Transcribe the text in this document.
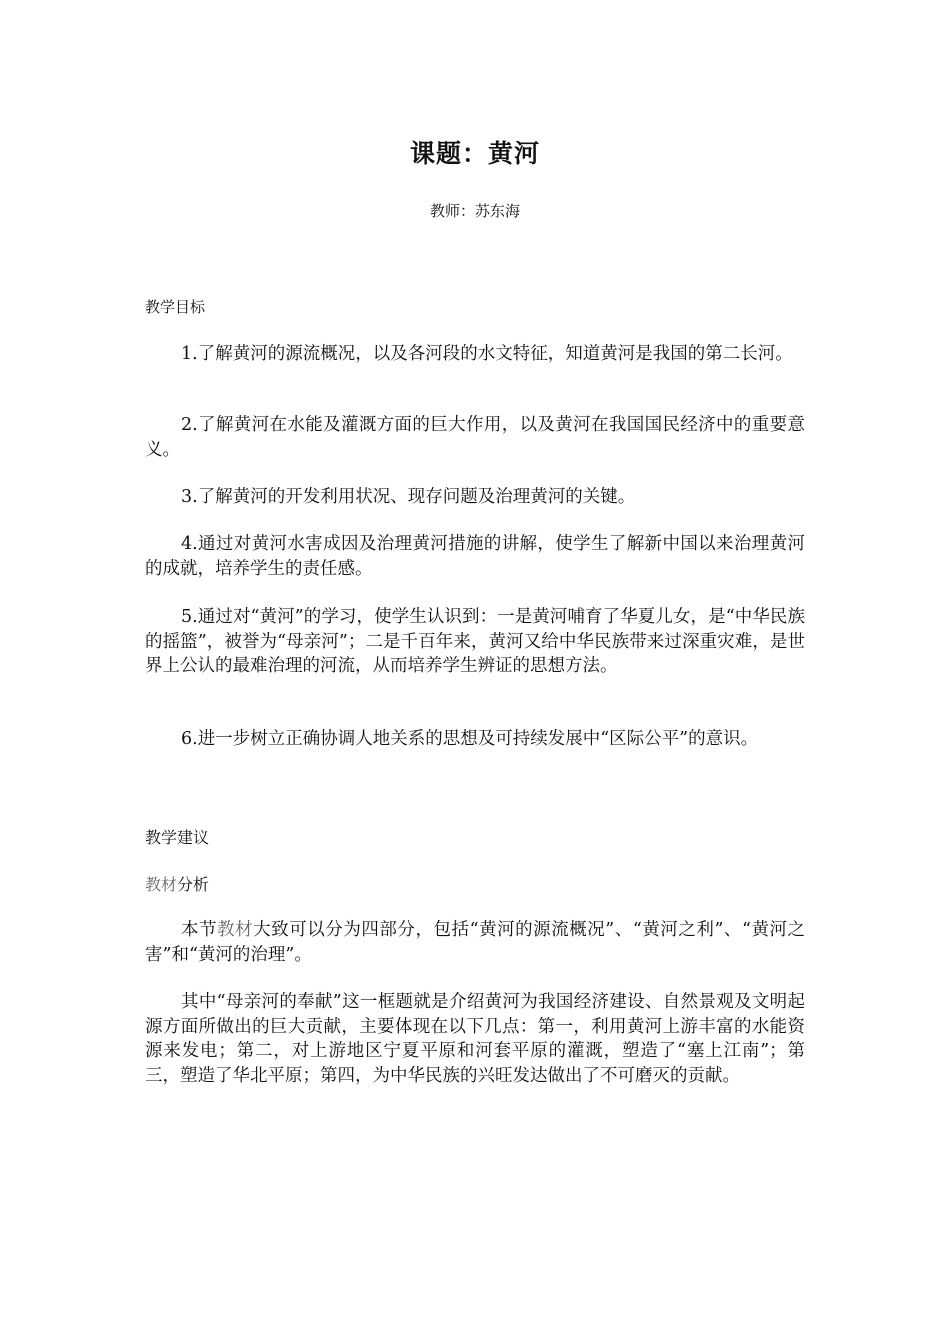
课题：黄河
教师：苏东海
教学目标
1.了解黄河的源流概况，以及各河段的水文特征，知道黄河是我国的第二长河。
2.了解黄河在水能及灌溉方面的巨大作用，以及黄河在我国国民经济中的重要意义。
3.了解黄河的开发利用状况、现存问题及治理黄河的关键。
4.通过对黄河水害成因及治理黄河措施的讲解，使学生了解新中国以来治理黄河的成就，培养学生的责任感。
5.通过对“黄河”的学习，使学生认识到：一是黄河哺育了华夏儿女，是“中华民族的摇篮”，被誉为“母亲河”；二是千百年来，黄河又给中华民族带来过深重灾难，是世界上公认的最难治理的河流，从而培养学生辨证的思想方法。
6.进一步树立正确协调人地关系的思想及可持续发展中“区际公平”的意识。
教学建议
教材分析
本节教材大致可以分为四部分，包括“黄河的源流概况”、“黄河之利”、“黄河之害”和“黄河的治理”。
其中“母亲河的奉献”这一框题就是介绍黄河为我国经济建设、自然景观及文明起源方面所做出的巨大贡献，主要体现在以下几点：第一，利用黄河上游丰富的水能资源来发电；第二，对上游地区宁夏平原和河套平原的灌溉，塑造了“塞上江南”；第三，塑造了华北平原；第四，为中华民族的兴旺发达做出了不可磨灭的贡献。
